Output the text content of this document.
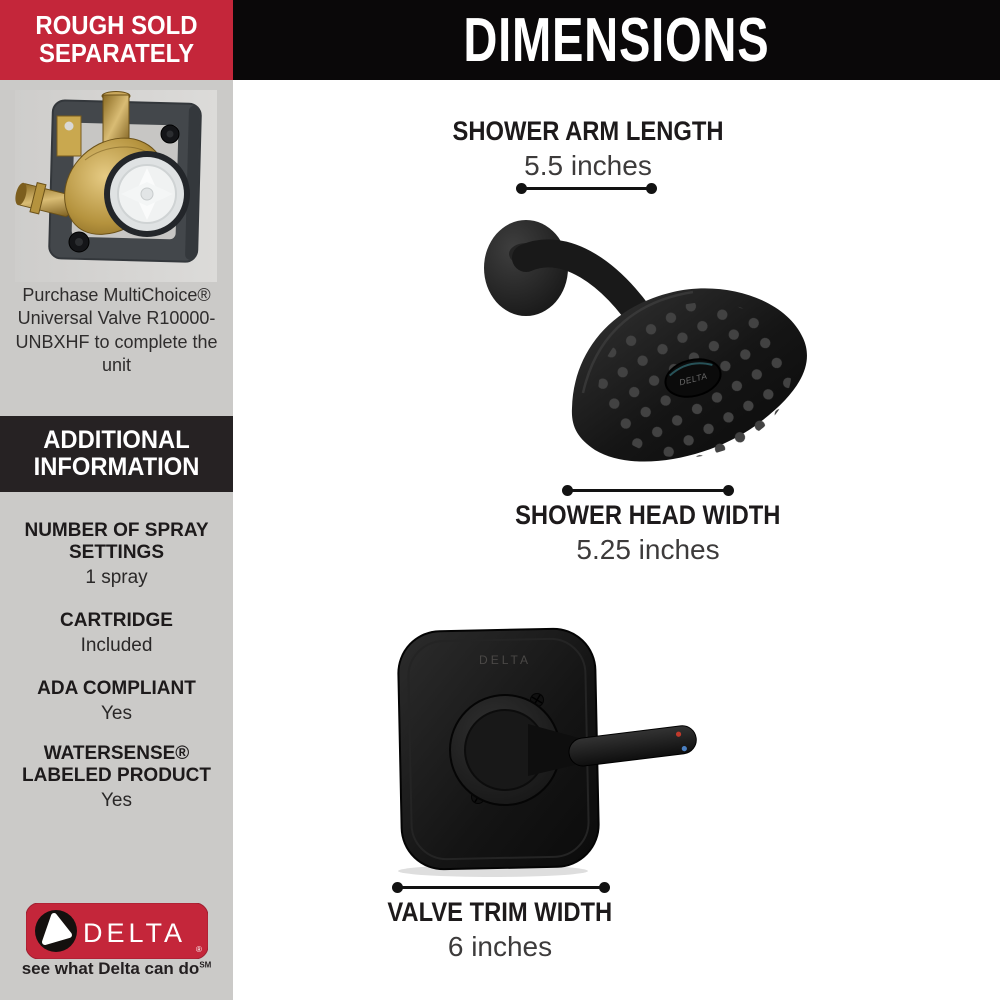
ROUGH SOLD SEPARATELY

Purchase MultiChoice® Universal Valve R10000-UNBXHF to complete the unit

ADDITIONAL INFORMATION
NUMBER OF SPRAY SETTINGS
1 spray
CARTRIDGE
Included
ADA COMPLIANT
Yes
WATERSENSE® LABELED PRODUCT
Yes
DELTA
®
see what Delta can do℠
DIMENSIONS
SHOWER ARM LENGTH
5.5 inches
DELTA
SHOWER HEAD WIDTH
5.25 inches
DELTA
VALVE TRIM WIDTH
6 inches
